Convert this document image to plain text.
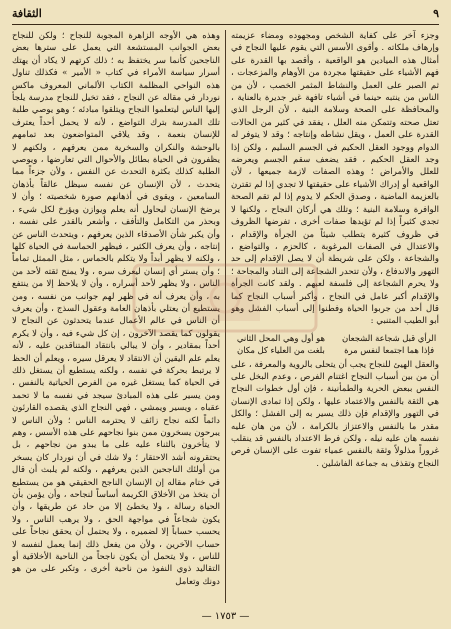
٩
الثقافة

وجزء آخر على كفاية الشخص ومجهوده ومضاء عزيمته وإرهاف ملكاته . وأقوى الأسس التي يقوم عليها النجاح في أمثال هذه الميادين هو الواقعية ، وأقصد بها القدرة على فهم الأشياء على حقيقتها مجردة من الأوهام والمزعجات ، ثم الصبر على العمل والنشاط المثمر الخصب ، لأن من الناس من ينتبه حينما في أشياء تافهة غير جديرة بالعناية ، والمحافظة على الصحة وسلامة البنية ، لأن الرجل الذي تعتل صحته وتتمكن منه العلل ، يفقد في كثير من الحالات القدرة على العمل ، ويقل نشاطه وإنتاجه ؛ وقد لا يتوفر له الدوام ووجود العقل الحكيم في الجسم السليم ، ولكن إذا وجد العقل الحكيم ، فقد يضعف سقم الجسم ويعرضه للعلل والأمراض ؛ وهذه الصفات لازمة جميعها ، لأن الواقعية أو إدراك الأشياء على حقيقتها لا تجدي إذا لم تقترن بالعزيمة الماضية ، وصدق الحكم لا يدوم إذا لم تقم الصحة الوافرة وسلامة البنية ؛ وتلك هي أركان النجاح ، ولكنها لا تجدي كثيراً إذا لم تؤيدها صفات أخرى ، تفرضها الظروف في ظروف كثيرة يتطلب شيئاً من الجرأة والإقدام ، والاعتدال في الصفات المرغوبة ، كالحزم ، والتواضع ، والشجاعة ، ولكن على شريطة أن لا يصل الإقدام إلى حد التهور والاندفاع ، ولأن تتحدر الشجاعة إلى التناد والمجاحة ؛ ولا يحرم الشجاعة إلى فلسفة لعبهم . ولقد كانت الجرأة والإقدام أكبر عامل في النجاح ، وأكبر أسباب النجاح كما قال أحد من جربوا الحياة وفطنوا إلى أسباب الفشل وهو أبو الطيب المتنبي :

الرأي قبل شجاعة الشجعان
هو أول وهي المحل الثاني
فإذا هما اجتمعا لنفس مرة
بلغت من العلياء كل مكان

والعقل الهيئ للنجاح يجب أن يتحلى بالروية والمعرفة ، على أن من بين أسباب النجاح اغتنام الفرص ، وعدم البخل على النفس ببعض الحرية والطمأنينة ، فإن أول خطوات النجاح هي الثقة بالنفس والاعتماد عليها ، ولكن إذا تمادى الإنسان في التهور والإقدام فإن ذلك يسير به إلى الفشل ؛ والكل مقدر ما بالنفس والاعتزاز بالكرامة ، لأن من هان عليه نفسه هان عليه نيله ، ولكن فرط الاعتداد بالنفس قد ينقلب غروراً مذلولاً وثقة بالنفس عمياء تفوت على الإنسان فرص النجاح وتقذف به جماعة الفاشلين .

وهذه هي الأوجه الزاهرة المجوبة للنجاح ؛ ولكن للنجاح بعض الجوانب المستشعة التي يعمل على سترها بعض الناجحين كأنما سر يختفظ به ؛ ذلك كرتهم لا يكاد أن يهتك أسرار سياسة الأمراء في كتاب « الأمير » فكذلك تناول هذه النواحي المظلمة الكتاب الألماني المعروف ماكس نوردار في مقاله عن النجاح ، فقد تخيل للنجاح مدرسة يلجأ إليها الناس ليتعلموا النجاح ويتلقوا مبادئه ؛ وهو يوصي طلبة تلك المدرسة بترك التواضع ، لأنه لا يحمل أحداً يعترف للإنسان بنعمة ، وقد يلاقي المتواضعون بعد تمامهم بالوحشة والنكران والسخرية ممن يعرفهم ، ولكنهم لا يظفرون في الحياة بطائل والأحوال التي تعارضها ، ويوصي الطلبة كذلك بكثرة التحدث عن النفس ، ولأن جزءاً مما يتحدث ، لأن الإنسان عن نفسه سيظل عالقاً بأذهان السامعين ، ويقوى في أذهانهم صورة شخصيته ؛ وأن لا يرضخ الإنسان ليحاول أنه يعلم ويوازن ويؤرخ لكل شيء ، وبحذر من التكامل والتأفف ، وأشعر بالقدر على نفسه ، وأن يكبر شأن الأصدقاء الذين يعرفهم ، ويتحدث الناس عن إنتاجه ، وأن يعرف الكثير ، فيظهر الحماسة في الحياة كلها ، ولكنه لا يظهر أبداً ولا يتكلم بالحماس ، مثل الممثل تماماً ؛ وأن يستر أي إنسان ليعرف سره ، ولا يمنح ثقته لأحد من الناس ، ولا يظهر لأحد أسراره ، وأن لا يلاحظ إلا من ينتفع به ، وأن يعرف أنه في ظهر لهم جوانب من نفسه ، ومن يستطيع أن يعتلي بأذهان العامة وعقول السذج ، وأن يعرف أن الناس في عالم الأعمال عندما يتحدثون عن النجاح لا يقولون كما يقصد الآخرون ، إن كل شيء فيه ، وأن لا يكرم أحداً بمقادير ، وأن لا يبالي بانتقاد المتناقدين عليه ، لأنه يعلم علم اليقين أن الانتقاد لا يعرقل سيره ، ويعلم أن الحظ لا يرتبط بحركة في نفسه ، ولكنه يستطيع أن يستغل ذلك في الحياة كما يستغل غيره من الفرص الحياتية بالنفس ، ومن يسير على هذه المبادئ سيجد في نفسه ما لا تحمد عقباه ، ويسير ويمشي ، فهي النجاح الذي يقصده القارئون دائماً لكنه نجاح زائف لا يحترمه الناس ؛ ولأن الناس لا يبرحون يسخرون ممن بنوا نجاحهم على هذه الأسس ، وهم لا يتأخرون بالثناء عليه على ما يبدو من نجاحهم ، بل يحتقرونه أشد الاحتقار ؛ ولا شك في أن نوردار كان يسخر من أولئك الناجحين الذين يعرفهم ، ولكنه لم يلبث أن قال في ختام مقاله إن الإنسان الناجح الحقيقي هو من يستطيع أن يتخذ من الأخلاق الكريمة أساساً لنجاحه ، وأن يؤمن بأن الحياة رسالة ، ولا يخطئ إلا من حاد عن طريقها ، وأن يكون شجاعاً في مواجهة الحق ، ولا يرهب الناس ، ولا يحسب حساباً إلا لضميره ، ولا يحتمل أن يحقق نجاحاً على حساب الآخرين ، ولأن من يفعل ذلك إنما يعمل لنفسه لا للناس ، ولا يتحمل أن يكون ناجحاً من الناحية الأخلاقية أو التقاليد ذوي النفوذ من ناحية أخرى ، وتكبر على من هو دونك وتعامل

— ١٧٥٣ —
